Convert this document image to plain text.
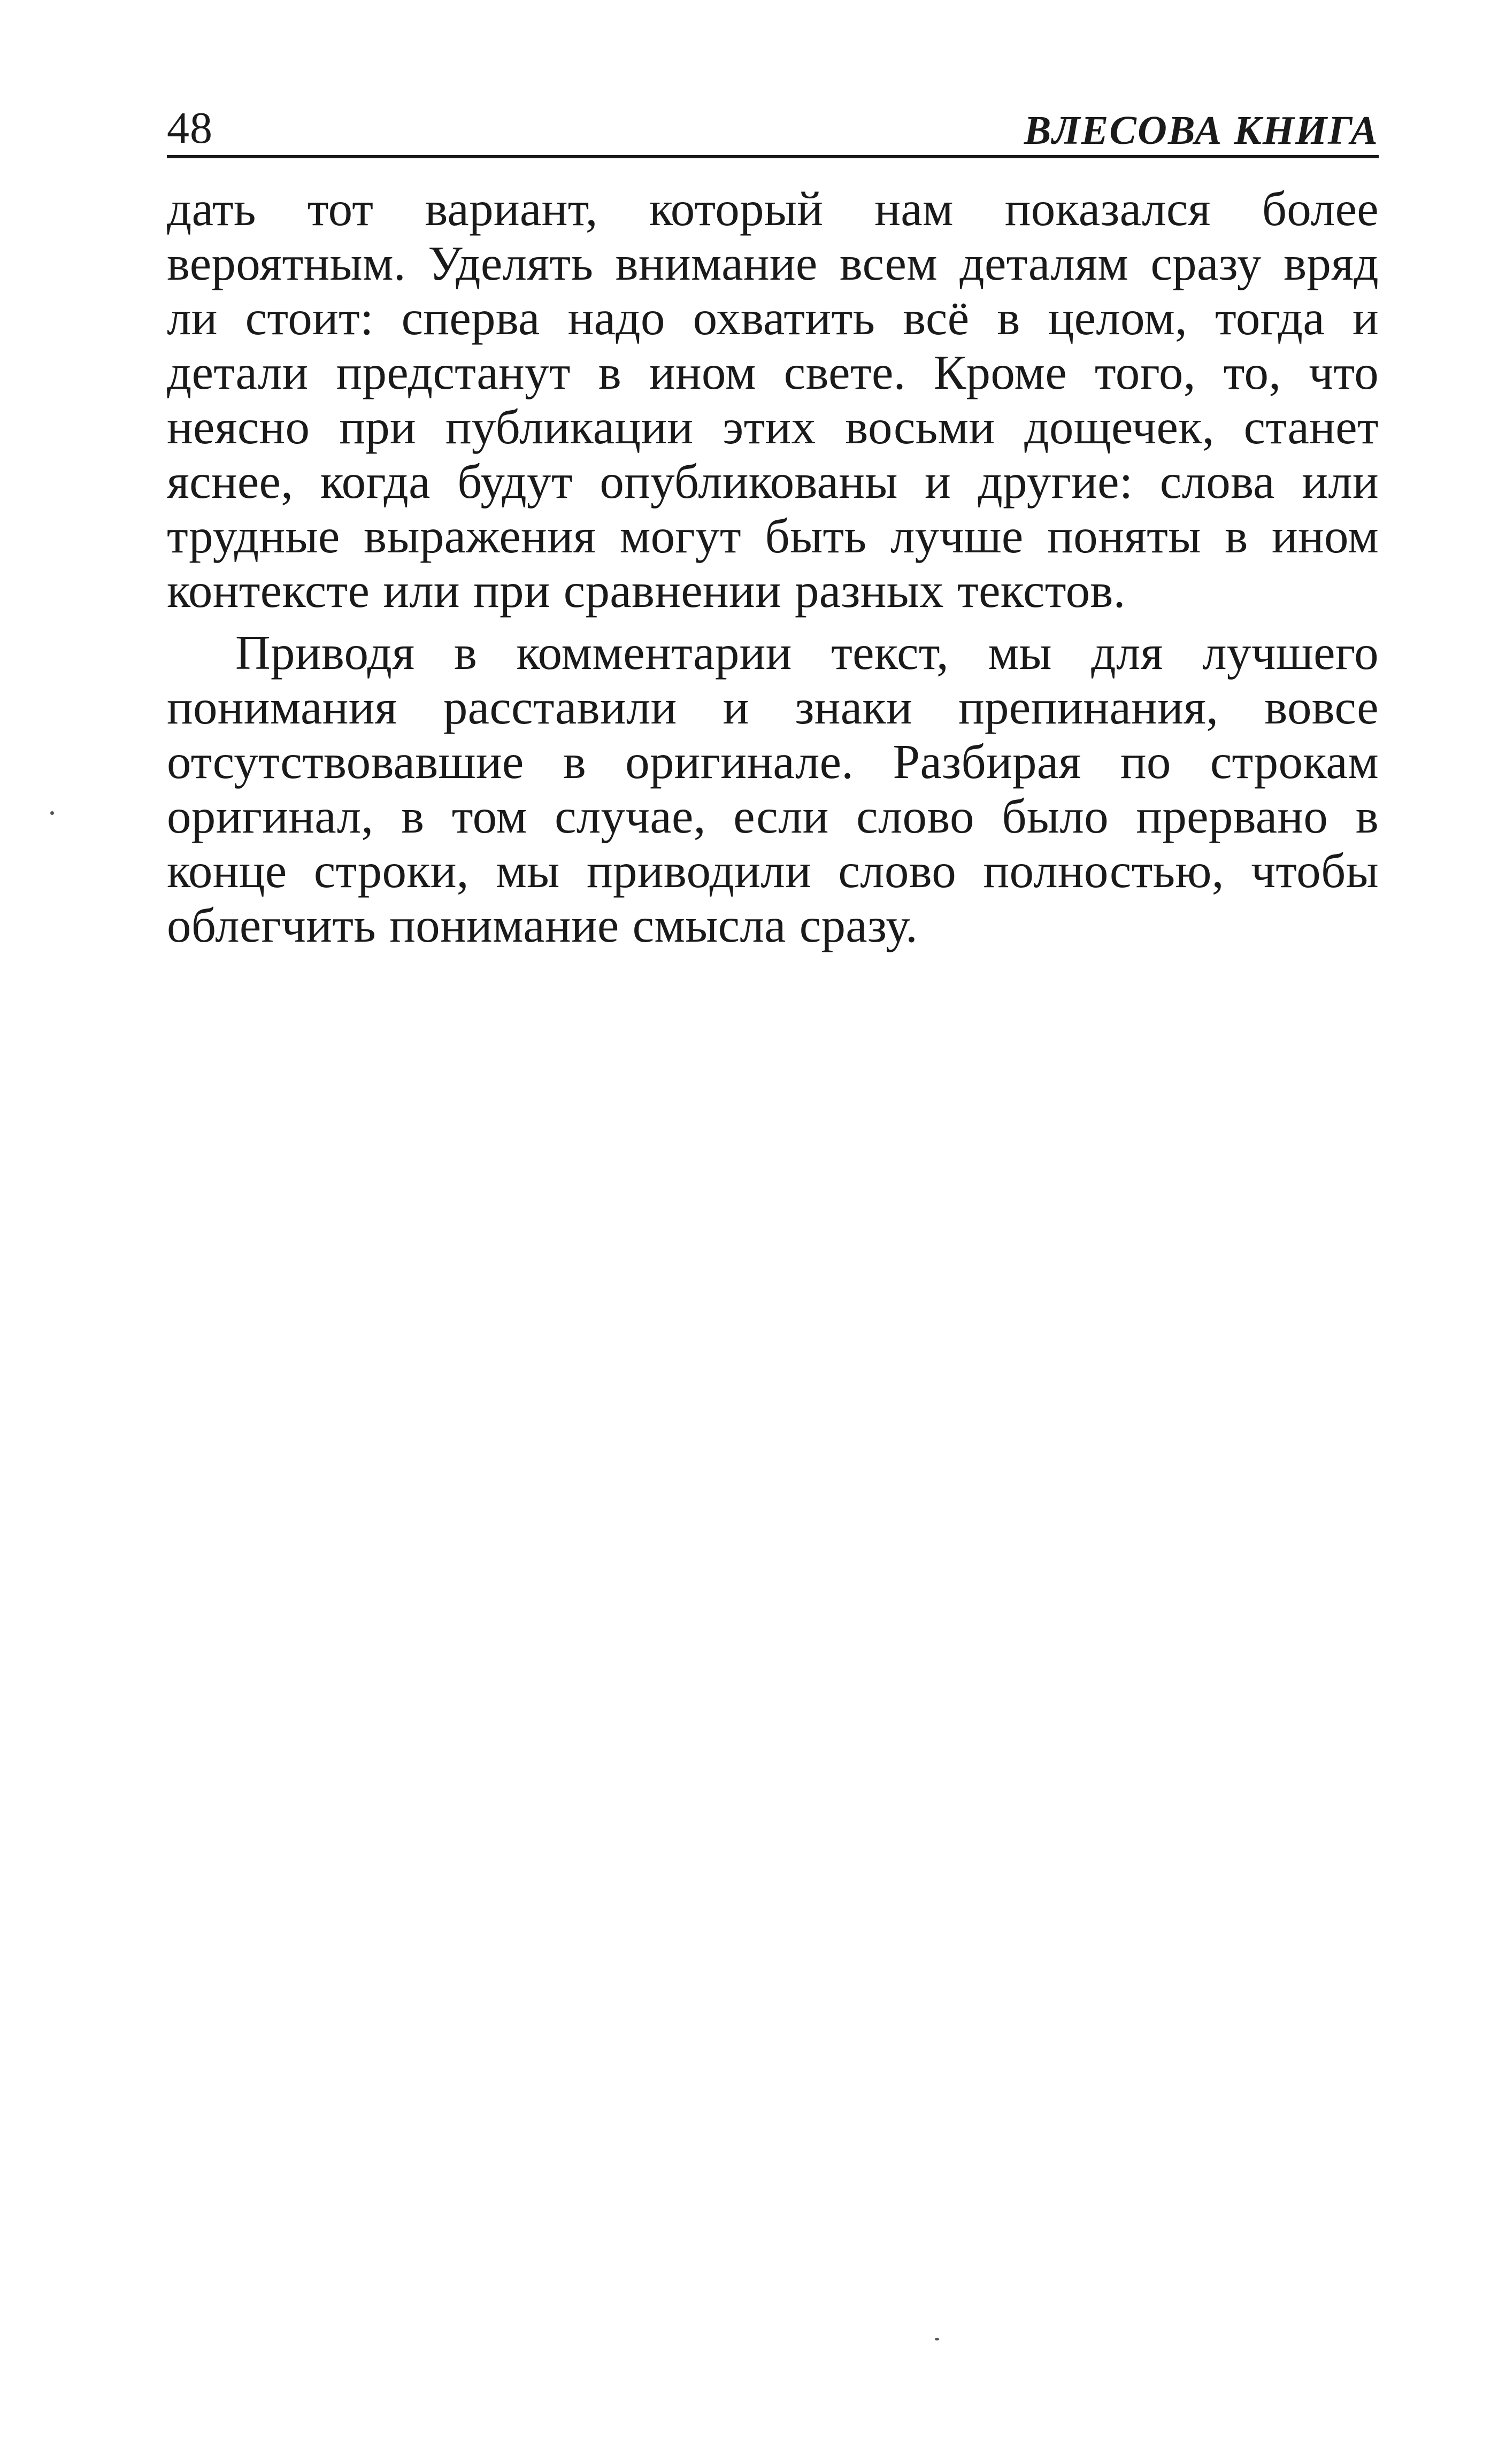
48	ВЛЕСОВА КНИГА

дать тот вариант, который нам показался более вероятным. Уделять внимание всем деталям сразу вряд ли стоит: сперва надо охватить всё в целом, тогда и детали предстанут в ином свете. Кроме того, то, что неясно при публикации этих восьми дощечек, станет яснее, когда будут опубликованы и другие: слова или трудные выражения могут быть лучше поняты в ином контексте или при сравнении разных текстов.

Приводя в комментарии текст, мы для лучшего понимания расставили и знаки препинания, вовсе отсутствовавшие в оригинале. Разбирая по строкам оригинал, в том случае, если слово было прервано в конце строки, мы приводили слово полностью, чтобы облегчить понимание смысла сразу.
